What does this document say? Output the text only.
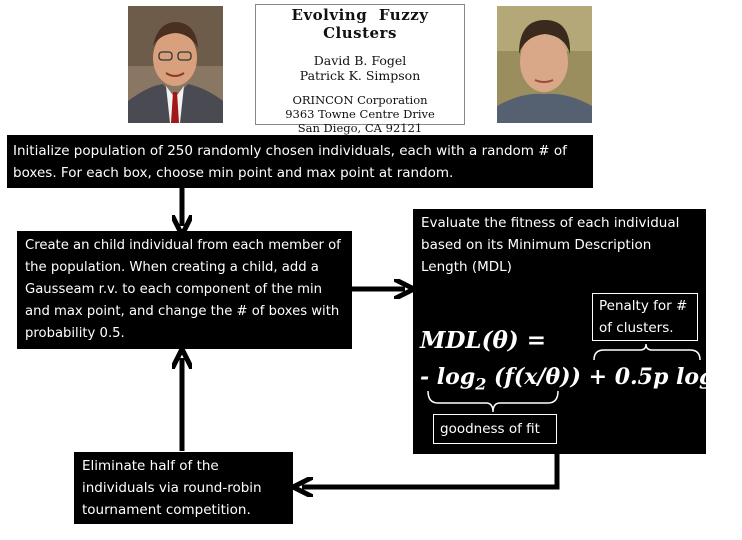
Evolving Fuzzy Clusters
David B. Fogel
Patrick K. Simpson
ORINCON Corporation
9363 Towne Centre Drive
San Diego, CA 92121
Initialize population of 250 randomly chosen individuals, each with a random # of boxes. For each box, choose min point and max point at random.
Create an child individual from each member of the population. When creating a child, add a Gausseam r.v. to each component of the min and max point, and change the # of boxes with probability 0.5.
Evaluate the fitness of each individual based on its Minimum Description Length (MDL)
Penalty for # of clusters.
MDL(θ) =
- $\log_2 (f(x/\theta)) + 0.5p$ $\log_2n$
goodness of fit
Eliminate half of the individuals via round-robin tournament competition.
